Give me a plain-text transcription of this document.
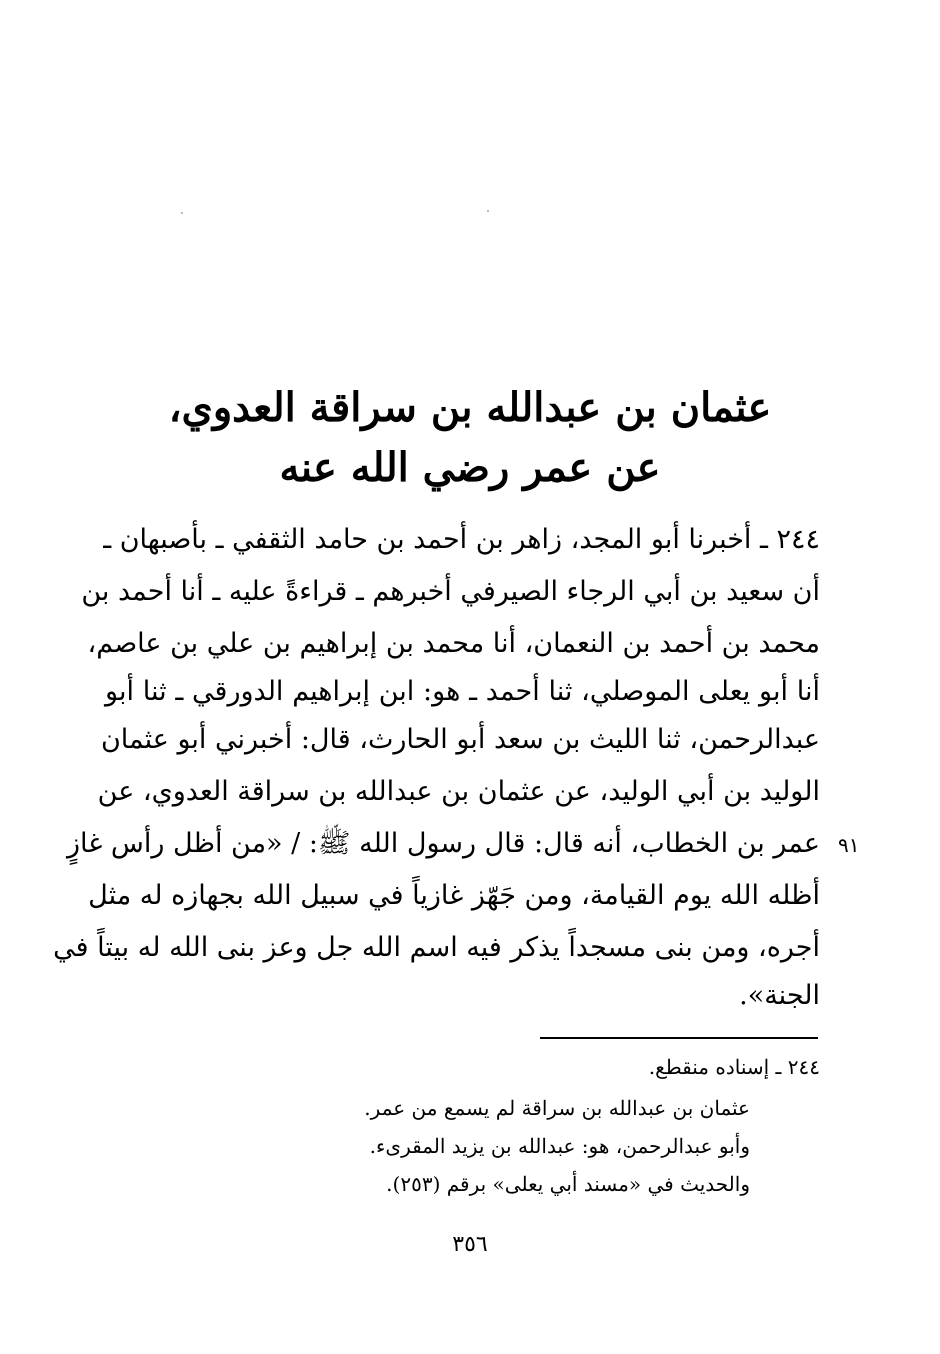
عثمان بن عبدالله بن سراقة العدوي،
عن عمر رضي الله عنه
٢٤٤ ـ أخبرنا أبو المجد، زاهر بن أحمد بن حامد الثقفي ـ بأصبهان ـ
أن سعيد بن أبي الرجاء الصيرفي أخبرهم ـ قراءةً عليه ـ أنا أحمد بن
محمد بن أحمد بن النعمان، أنا محمد بن إبراهيم بن علي بن عاصم،
أنا أبو يعلى الموصلي، ثنا أحمد ـ هو: ابن إبراهيم الدورقي ـ ثنا أبو
عبدالرحمن، ثنا الليث بن سعد أبو الحارث، قال: أخبرني أبو عثمان
الوليد بن أبي الوليد، عن عثمان بن عبدالله بن سراقة العدوي، عن
عمر بن الخطاب، أنه قال: قال رسول الله ﷺ: / «من أظل رأس غازٍ
أظله الله يوم القيامة، ومن جَهّز غازياً في سبيل الله بجهازه له مثل
أجره، ومن بنى مسجداً يذكر فيه اسم الله جل وعز بنى الله له بيتاً في
الجنة».
٩١
٢٤٤ ـ إسناده منقطع.
عثمان بن عبدالله بن سراقة لم يسمع من عمر.
وأبو عبدالرحمن، هو: عبدالله بن يزيد المقرىء.
والحديث في «مسند أبي يعلى» برقم (٢٥٣).
٣٥٦
